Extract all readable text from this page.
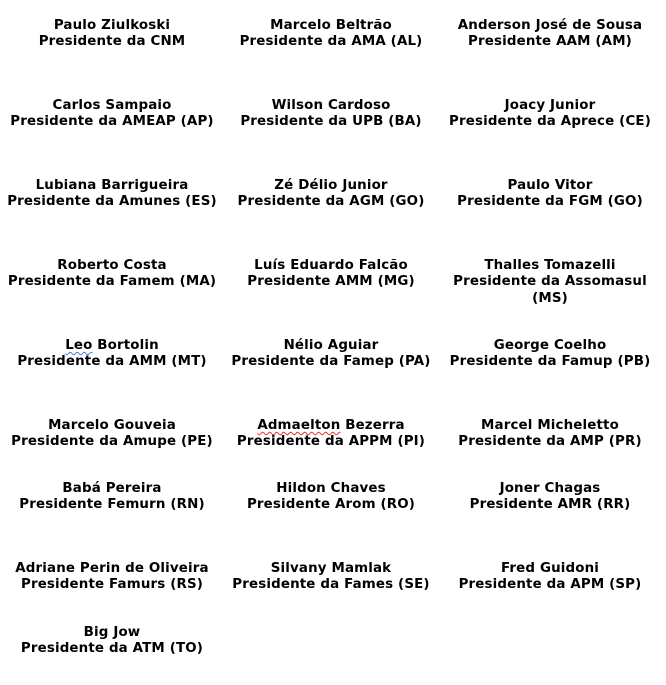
Paulo Ziulkoski
Presidente da CNM
Marcelo Beltrão
Presidente da AMA (AL)
Anderson José de Sousa
Presidente AAM (AM)
Carlos Sampaio
Presidente da AMEAP (AP)
Wilson Cardoso
Presidente da UPB (BA)
Joacy Junior
Presidente da Aprece (CE)
Lubiana Barrigueira
Presidente da Amunes (ES)
Zé Délio Junior
Presidente da AGM (GO)
Paulo Vitor
Presidente da FGM (GO)
Roberto Costa
Presidente da Famem (MA)
Luís Eduardo Falcão
Presidente AMM (MG)
Thalles Tomazelli
Presidente da Assomasul (MS)
Leo Bortolin
Presidente da AMM (MT)
Nélio Aguiar
Presidente da Famep (PA)
George Coelho
Presidente da Famup (PB)
Marcelo Gouveia
Presidente da Amupe (PE)
Admaelton Bezerra
Presidente da APPM (PI)
Marcel Micheletto
Presidente da AMP (PR)
Babá Pereira
Presidente Femurn (RN)
Hildon Chaves
Presidente Arom (RO)
Joner Chagas
Presidente AMR (RR)
Adriane Perin de Oliveira
Presidente Famurs (RS)
Silvany Mamlak
Presidente da Fames (SE)
Fred Guidoni
Presidente da APM (SP)
Big Jow
Presidente da ATM (TO)
